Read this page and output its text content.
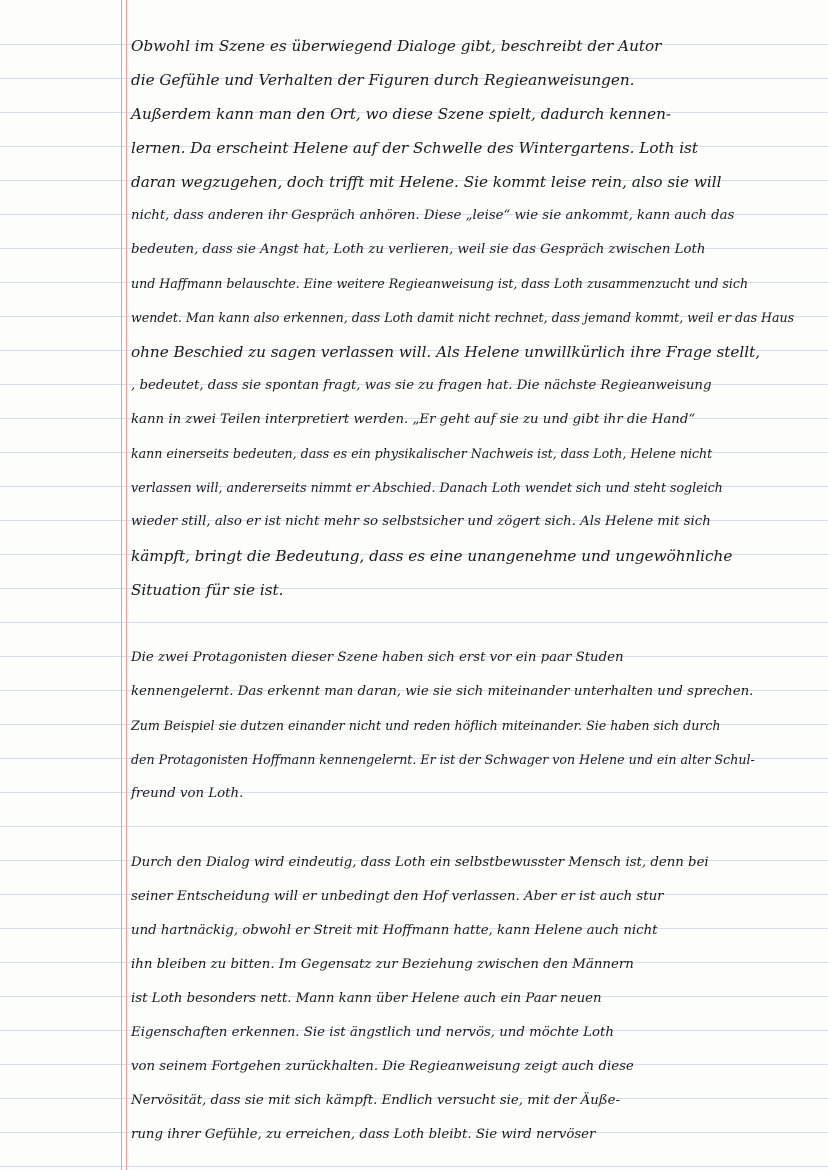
Obwohl im Szene es überwiegend Dialoge gibt, beschreibt der Autor
die Gefühle und Verhalten der Figuren durch Regieanweisungen.
Außerdem kann man den Ort, wo diese Szene spielt, dadurch kennen-
lernen. Da erscheint Helene auf der Schwelle des Wintergartens. Loth ist
daran wegzugehen, doch trifft mit Helene. Sie kommt leise rein, also sie will
nicht, dass anderen ihr Gespräch anhören. Diese „leise“ wie sie ankommt, kann auch das
bedeuten, dass sie Angst hat, Loth zu verlieren, weil sie das Gespräch zwischen Loth
und Haffmann belauschte. Eine weitere Regieanweisung ist, dass Loth zusammenzucht und sich
wendet. Man kann also erkennen, dass Loth damit nicht rechnet, dass jemand kommt, weil er das Haus
ohne Beschied zu sagen verlassen will. Als Helene unwillkürlich ihre Frage stellt,
, bedeutet, dass sie spontan fragt, was sie zu fragen hat. Die nächste Regieanweisung
kann in zwei Teilen interpretiert werden. „Er geht auf sie zu und gibt ihr die Hand“
kann einerseits bedeuten, dass es ein physikalischer Nachweis ist, dass Loth, Helene nicht
verlassen will, andererseits nimmt er Abschied. Danach Loth wendet sich und steht sogleich
wieder still, also er ist nicht mehr so selbstsicher und zögert sich. Als Helene mit sich
kämpft, bringt die Bedeutung, dass es eine unangenehme und ungewöhnliche
Situation für sie ist.
Die zwei Protagonisten dieser Szene haben sich erst vor ein paar Studen
kennengelernt. Das erkennt man daran, wie sie sich miteinander unterhalten und sprechen.
Zum Beispiel sie dutzen einander nicht und reden höflich miteinander. Sie haben sich durch
den Protagonisten Hoffmann kennengelernt. Er ist der Schwager von Helene und ein alter Schul-
freund von Loth.
Durch den Dialog wird eindeutig, dass Loth ein selbstbewusster Mensch ist, denn bei
seiner Entscheidung will er unbedingt den Hof verlassen. Aber er ist auch stur
und hartnäckig, obwohl er Streit mit Hoffmann hatte, kann Helene auch nicht
ihn bleiben zu bitten. Im Gegensatz zur Beziehung zwischen den Männern
ist Loth besonders nett. Mann kann über Helene auch ein Paar neuen
Eigenschaften erkennen. Sie ist ängstlich und nervös, und möchte Loth
von seinem Fortgehen zurückhalten. Die Regieanweisung zeigt auch diese
Nervösität, dass sie mit sich kämpft. Endlich versucht sie, mit der Äuße-
rung ihrer Gefühle, zu erreichen, dass Loth bleibt. Sie wird nervöser
